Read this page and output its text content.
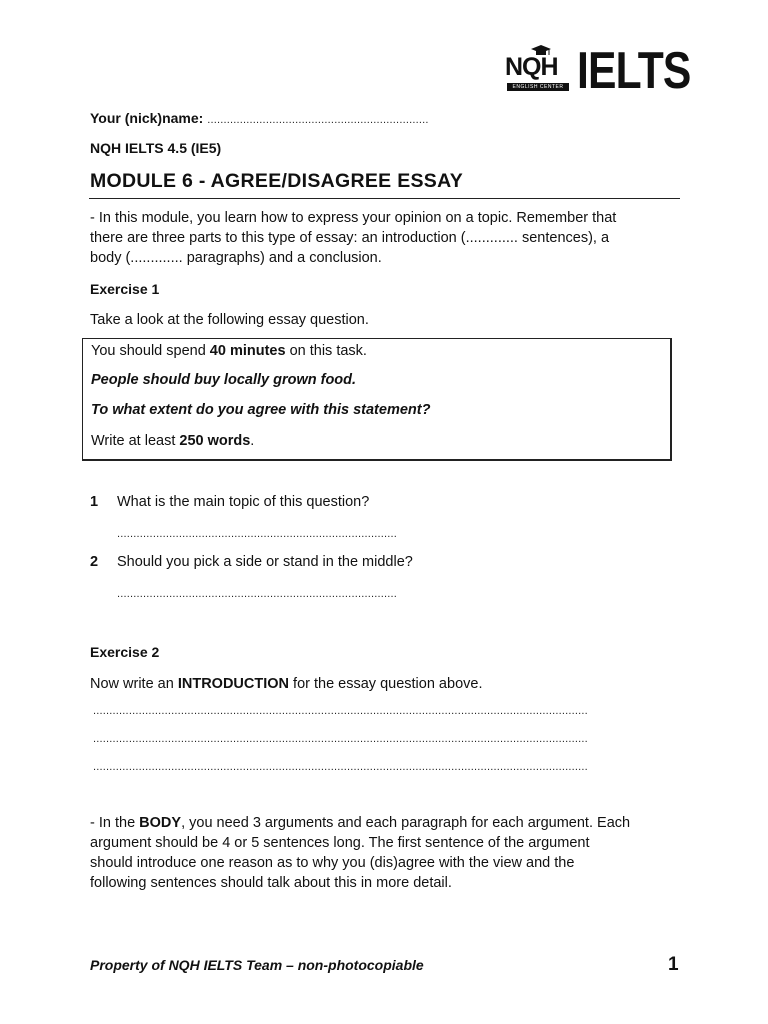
NQH
ENGLISH CENTER IELTS
Your (nick)name: ....................................................................
NQH IELTS 4.5 (IE5)
MODULE 6 - AGREE/DISAGREE ESSAY
- In this module, you learn how to express your opinion on a topic. Remember that
there are three parts to this type of essay: an introduction (............. sentences), a
body (............. paragraphs) and a conclusion.
Exercise 1
Take a look at the following essay question.

You should spend 40 minutes on this task.

People should buy locally grown food.

To what extent do you agree with this statement?

Write at least 250 words.

1 What is the main topic of this question?
......................................................................................
2 Should you pick a side or stand in the middle?
......................................................................................
Exercise 2
Now write an INTRODUCTION for the essay question above.
........................................................................................................................................................
........................................................................................................................................................
........................................................................................................................................................
- In the BODY, you need 3 arguments and each paragraph for each argument. Each
argument should be 4 or 5 sentences long. The first sentence of the argument
should introduce one reason as to why you (dis)agree with the view and the
following sentences should talk about this in more detail.
Property of NQH IELTS Team – non-photocopiable	1
